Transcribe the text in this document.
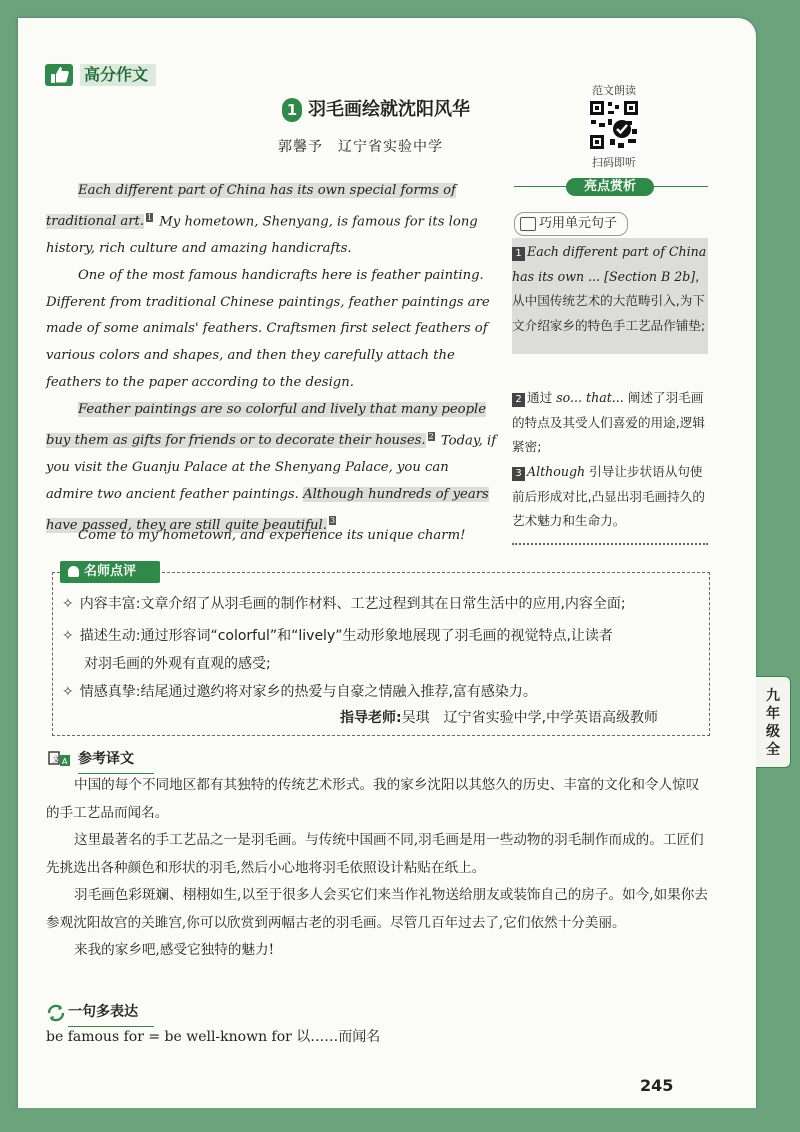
高分作文
1 羽毛画绘就沈阳风华
郭馨予　辽宁省实验中学
范文朗读
扫码即听

Each different part of China has its own special forms of traditional art. $^1$ My hometown, Shenyang, is famous for its long history, rich culture and amazing handicrafts.

One of the most famous handicrafts here is feather painting. Different from traditional Chinese paintings, feather paintings are made of some animals' feathers. Craftsmen first select feathers of various colors and shapes, and then they carefully attach the feathers to the paper according to the design.

Feather paintings are so colorful and lively that many people buy them as gifts for friends or to decorate their houses. $^2$ Today, if you visit the Guanju Palace at the Shenyang Palace, you can admire two ancient feather paintings. Although hundreds of years have passed, they are still quite beautiful. $^3$

Come to my hometown, and experience its unique charm!
亮点赏析
巧用单元句子
1 Each different part of China has its own ... [Section B 2b],从中国传统艺术的大范畴引入,为下文介绍家乡的特色手工艺品作铺垫;
2 通过 so... that... 阐述了羽毛画的特点及其受人们喜爱的用途,逻辑紧密;
3 Although 引导让步状语从句使前后形成对比,凸显出羽毛画持久的艺术魅力和生命力。
名师点评
✧ 内容丰富:文章介绍了从羽毛画的制作材料、工艺过程到其在日常生活中的应用,内容全面;
✧ 描述生动:通过形容词“colorful”和“lively”生动形象地展现了羽毛画的视觉特点,让读者
对羽毛画的外观有直观的感受;
✧ 情感真挚:结尾通过邀约将对家乡的热爱与自豪之情融入推荐,富有感染力。
指导老师:吴琪　辽宁省实验中学,中学英语高级教师
九年级全
文 A 参考译文

中国的每个不同地区都有其独特的传统艺术形式。我的家乡沈阳以其悠久的历史、丰富的文化和令人惊叹的手工艺品而闻名。

这里最著名的手工艺品之一是羽毛画。与传统中国画不同,羽毛画是用一些动物的羽毛制作而成的。工匠们先挑选出各种颜色和形状的羽毛,然后小心地将羽毛依照设计粘贴在纸上。

羽毛画色彩斑斓、栩栩如生,以至于很多人会买它们来当作礼物送给朋友或装饰自己的房子。如今,如果你去参观沈阳故宫的关雎宫,你可以欣赏到两幅古老的羽毛画。尽管几百年过去了,它们依然十分美丽。

来我的家乡吧,感受它独特的魅力!

一句多表达
be famous for = be well-known for 以……而闻名
245
